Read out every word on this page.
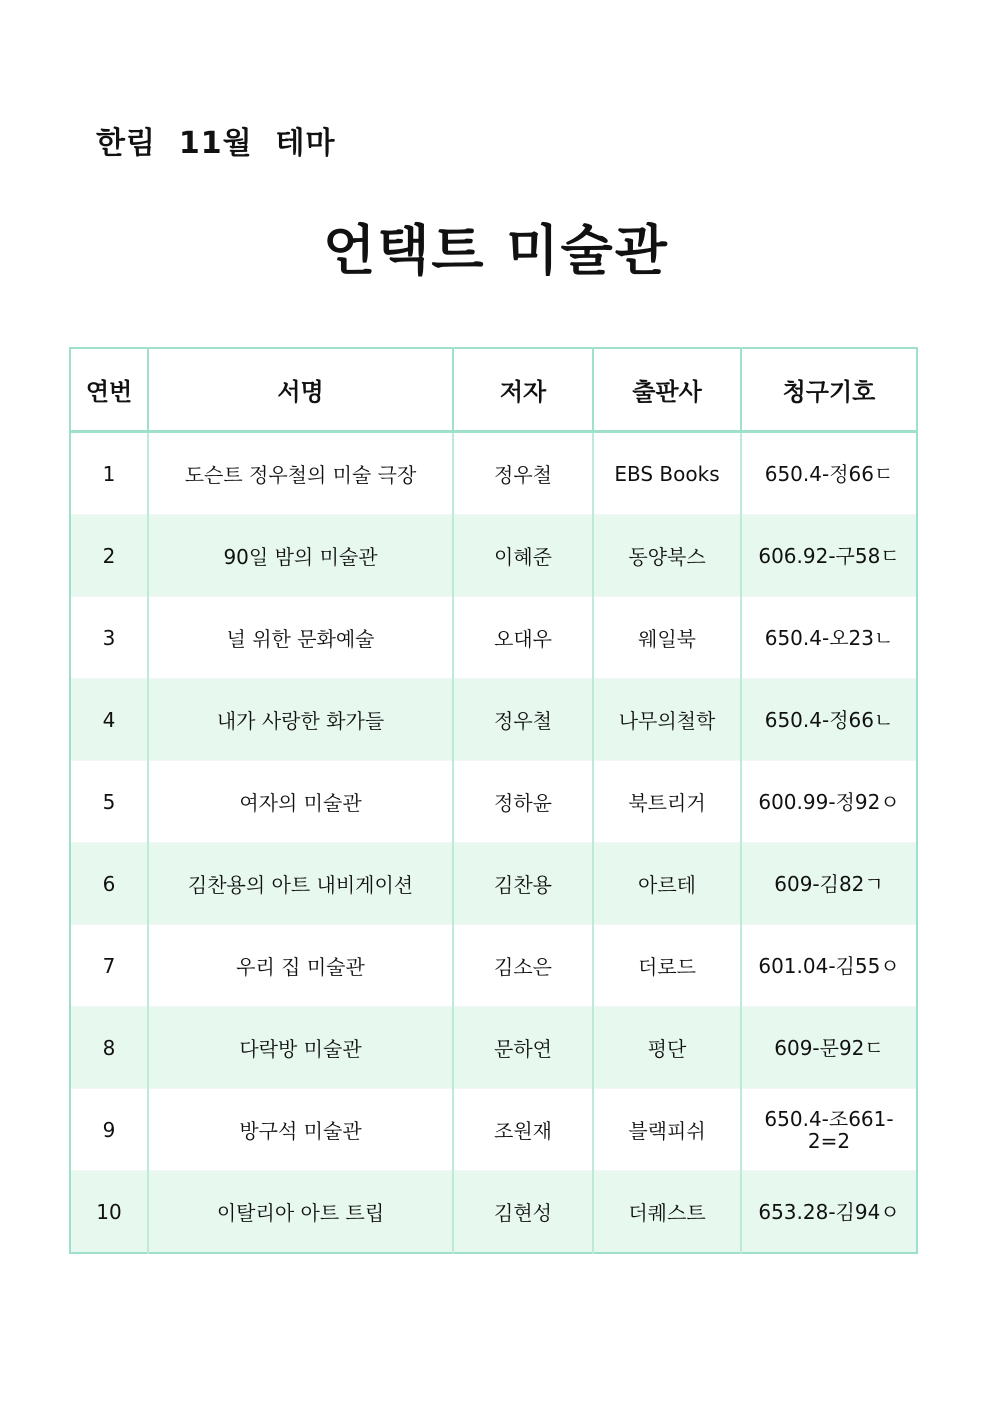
한림  11월  테마
언택트 미술관
연번	서명	저자	출판사	청구기호
1	도슨트 정우철의 미술 극장	정우철	EBS Books	650.4-정66ㄷ
2	90일 밤의 미술관	이혜준	동양북스	606.92-구58ㄷ
3	널 위한 문화예술	오대우	웨일북	650.4-오23ㄴ
4	내가 사랑한 화가들	정우철	나무의철학	650.4-정66ㄴ
5	여자의 미술관	정하윤	북트리거	600.99-정92ㅇ
6	김찬용의 아트 내비게이션	김찬용	아르테	609-김82ㄱ
7	우리 집 미술관	김소은	더로드	601.04-김55ㅇ
8	다락방 미술관	문하연	평단	609-문92ㄷ
9	방구석 미술관	조원재	블랙피쉬	650.4-조661-2=2
10	이탈리아 아트 트립	김현성	더퀘스트	653.28-김94ㅇ
